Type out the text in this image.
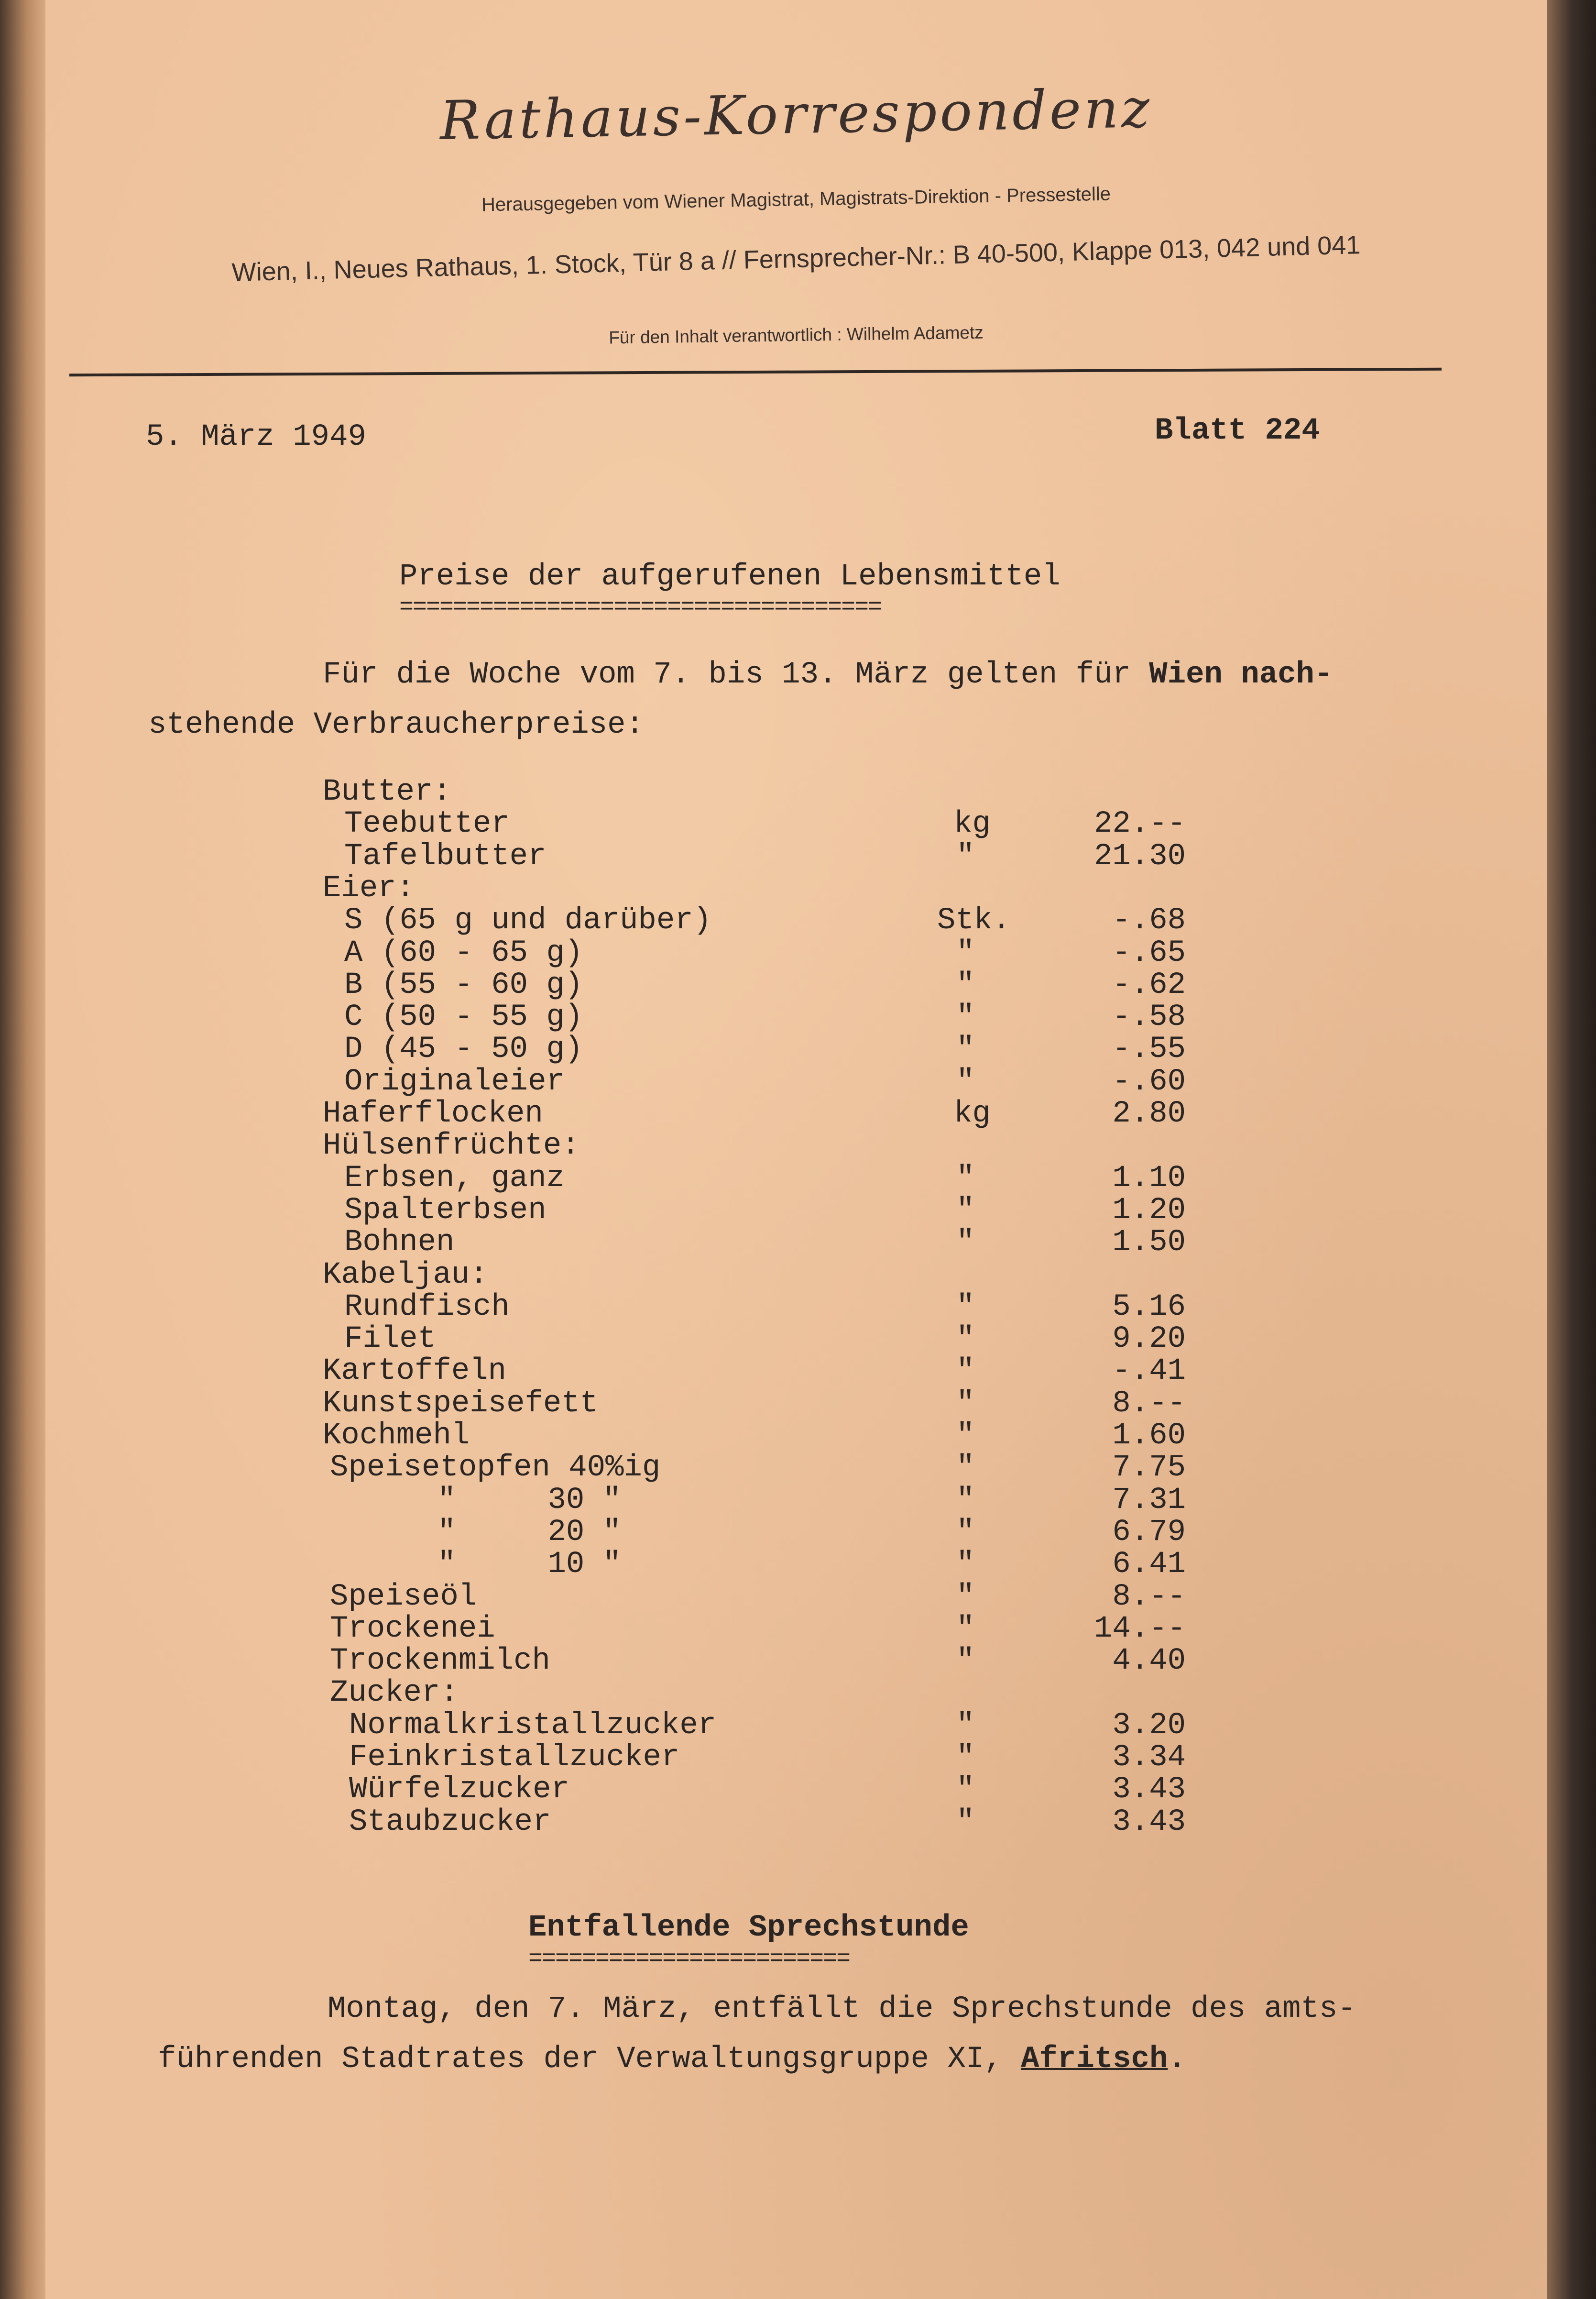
Rathaus-Korrespondenz
Herausgegeben vom Wiener Magistrat, Magistrats-Direktion - Pressestelle
Wien, I., Neues Rathaus, 1. Stock, Tür 8 a // Fernsprecher-Nr.: B 40-500, Klappe 013, 042 und 041
Für den Inhalt verantwortlich : Wilhelm Adametz
5. März 1949	Blatt 224
Preise der aufgerufenen Lebensmittel
====================================
Für die Woche vom 7. bis 13. März gelten für Wien nach-
stehende Verbraucherpreise:
Butter:
Teebutter	kg	22.--
Tafelbutter	"	21.30
Eier:
S (65 g und darüber)	Stk.	-.68
A (60 - 65 g)	"	-.65
B (55 - 60 g)	"	-.62
C (50 - 55 g)	"	-.58
D (45 - 50 g)	"	-.55
Originaleier	"	-.60
Haferflocken	kg	2.80
Hülsenfrüchte:
Erbsen, ganz	"	1.10
Spalterbsen	"	1.20
Bohnen	"	1.50
Kabeljau:
Rundfisch	"	5.16
Filet	"	9.20
Kartoffeln	"	-.41
Kunstspeisefett	"	8.--
Kochmehl	"	1.60
Speisetopfen 40%ig	"	7.75
"     30 "	"	7.31
"     20 "	"	6.79
"     10 "	"	6.41
Speiseöl	"	8.--
Trockenei	"	14.--
Trockenmilch	"	4.40
Zucker:
Normalkristallzucker	"	3.20
Feinkristallzucker	"	3.34
Würfelzucker	"	3.43
Staubzucker	"	3.43
Entfallende Sprechstunde
========================
Montag, den 7. März, entfällt die Sprechstunde des amts-
führenden Stadtrates der Verwaltungsgruppe XI, Afritsch.
